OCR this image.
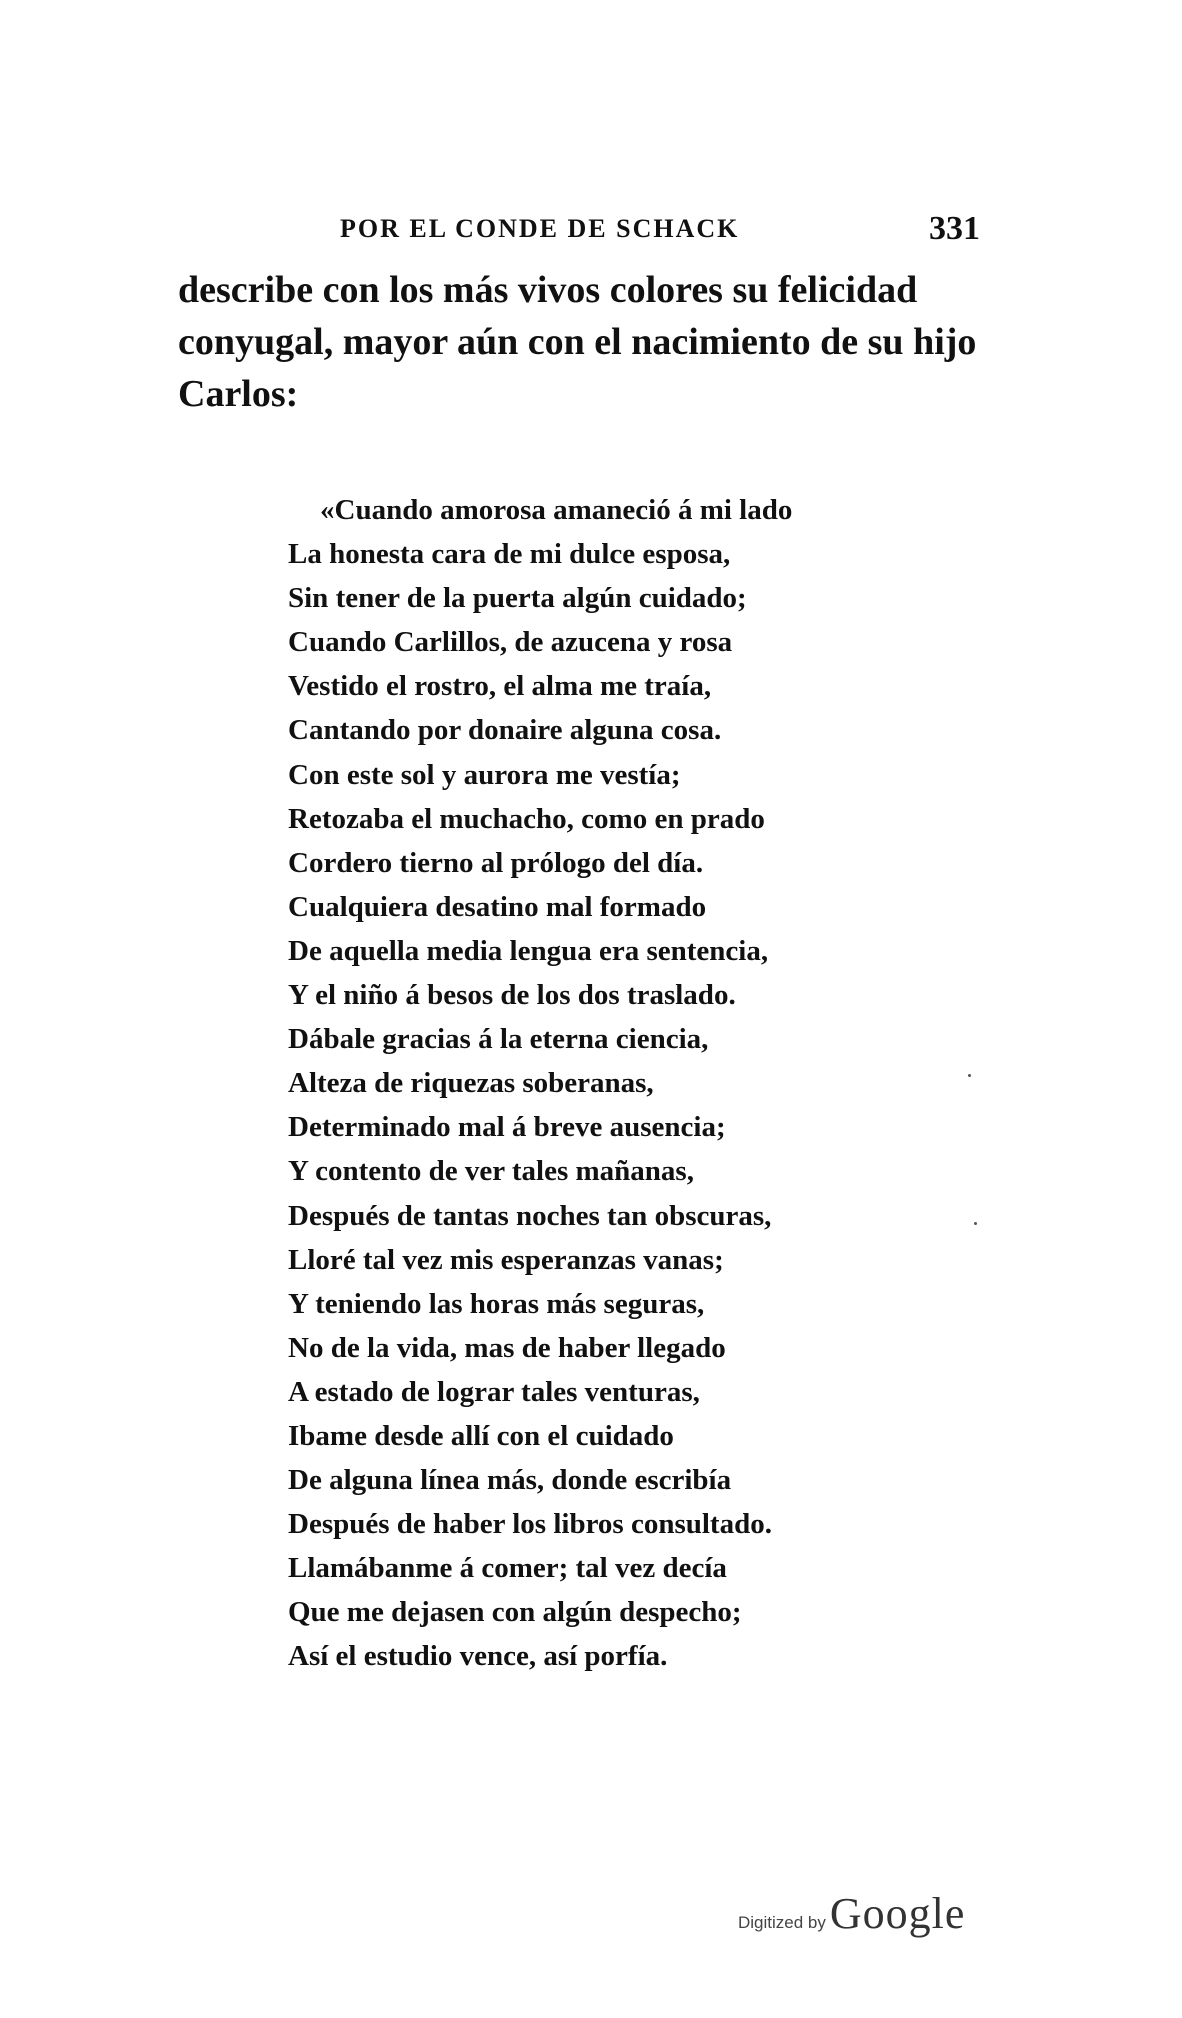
POR EL CONDE DE SCHACK	331

describe con los más vivos colores su felicidad conyugal, mayor aún con el nacimiento de su hijo Carlos:

«Cuando amorosa amaneció á mi lado
La honesta cara de mi dulce esposa,
Sin tener de la puerta algún cuidado;
Cuando Carlillos, de azucena y rosa
Vestido el rostro, el alma me traía,
Cantando por donaire alguna cosa.
Con este sol y aurora me vestía;
Retozaba el muchacho, como en prado
Cordero tierno al prólogo del día.
Cualquiera desatino mal formado
De aquella media lengua era sentencia,
Y el niño á besos de los dos traslado.
Dábale gracias á la eterna ciencia,
Alteza de riquezas soberanas,
Determinado mal á breve ausencia;
Y contento de ver tales mañanas,
Después de tantas noches tan obscuras,
Lloré tal vez mis esperanzas vanas;
Y teniendo las horas más seguras,
No de la vida, mas de haber llegado
A estado de lograr tales venturas,
Ibame desde allí con el cuidado
De alguna línea más, donde escribía
Después de haber los libros consultado.
Llamábanme á comer; tal vez decía
Que me dejasen con algún despecho;
Así el estudio vence, así porfía.
Digitized by Google
